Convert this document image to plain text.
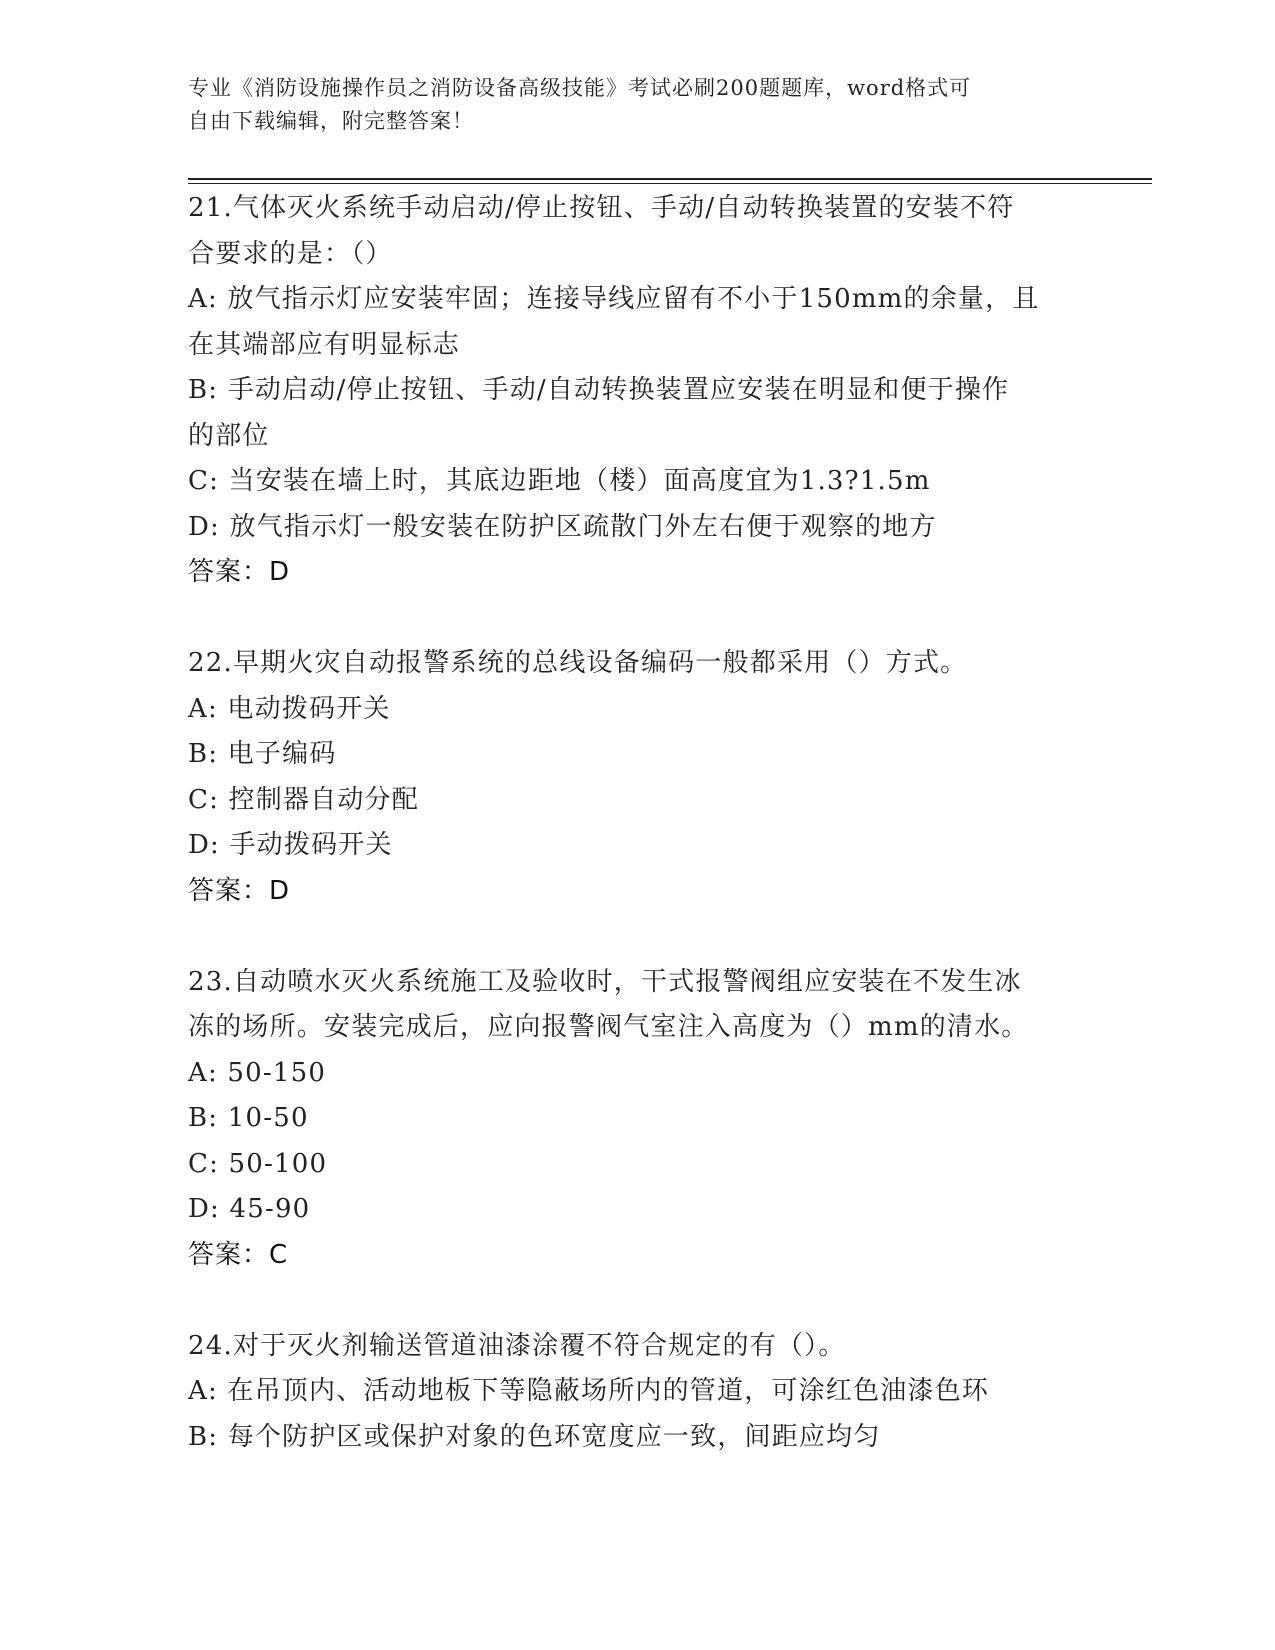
专业《消防设施操作员之消防设备高级技能》考试必刷200题题库，word格式可
自由下载编辑，附完整答案！
21.气体灭火系统手动启动/停止按钮、手动/自动转换装置的安装不符
合要求的是：（）
A: 放气指示灯应安装牢固；连接导线应留有不小于150mm的余量，且
在其端部应有明显标志
B: 手动启动/停止按钮、手动/自动转换装置应安装在明显和便于操作
的部位
C: 当安装在墙上时，其底边距地（楼）面高度宜为1.3?1.5m
D: 放气指示灯一般安装在防护区疏散门外左右便于观察的地方
答案：D
22.早期火灾自动报警系统的总线设备编码一般都采用（）方式。
A: 电动拨码开关
B: 电子编码
C: 控制器自动分配
D: 手动拨码开关
答案：D
23.自动喷水灭火系统施工及验收时，干式报警阀组应安装在不发生冰
冻的场所。安装完成后，应向报警阀气室注入高度为（）mm的清水。
A: 50-150
B: 10-50
C: 50-100
D: 45-90
答案：C
24.对于灭火剂输送管道油漆涂覆不符合规定的有（）。
A: 在吊顶内、活动地板下等隐蔽场所内的管道，可涂红色油漆色环
B: 每个防护区或保护对象的色环宽度应一致，间距应均匀
